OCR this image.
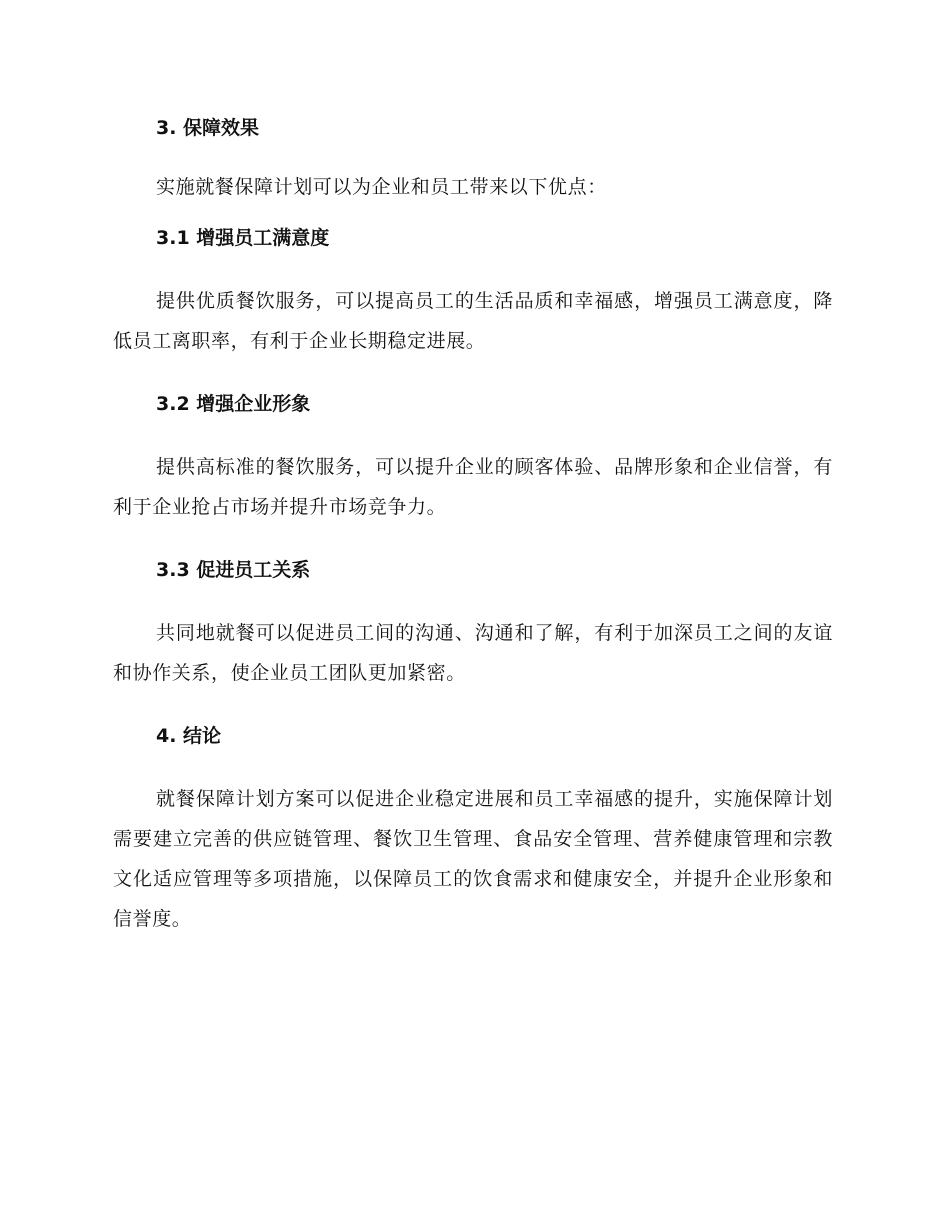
3. 保障效果

实施就餐保障计划可以为企业和员工带来以下优点：

3.1 增强员工满意度

提供优质餐饮服务，可以提高员工的生活品质和幸福感，增强员工满意度，降低员工离职率，有利于企业长期稳定进展。

3.2 增强企业形象

提供高标准的餐饮服务，可以提升企业的顾客体验、品牌形象和企业信誉，有利于企业抢占市场并提升市场竞争力。

3.3 促进员工关系

共同地就餐可以促进员工间的沟通、沟通和了解，有利于加深员工之间的友谊和协作关系，使企业员工团队更加紧密。

4. 结论

就餐保障计划方案可以促进企业稳定进展和员工幸福感的提升，实施保障计划需要建立完善的供应链管理、餐饮卫生管理、食品安全管理、营养健康管理和宗教文化适应管理等多项措施，以保障员工的饮食需求和健康安全，并提升企业形象和信誉度。
